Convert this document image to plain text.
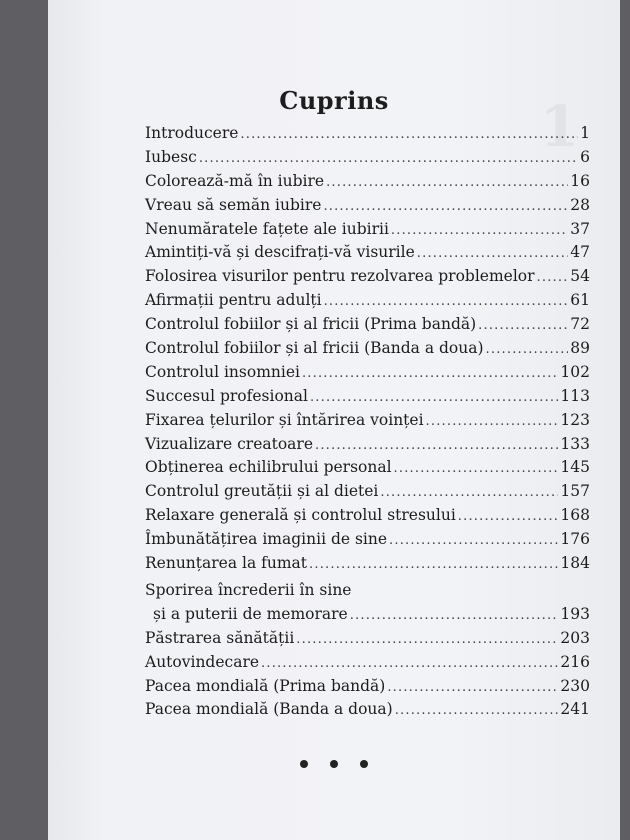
1
Cuprins
Introducere .....	1
Iubesc .....	6
Colorează-mă în iubire .....	16
Vreau să semăn iubire .....	28
Nenumăratele fațete ale iubirii .....	37
Amintiți-vă și descifrați-vă visurile .....	47
Folosirea visurilor pentru rezolvarea problemelor ..... 54
Afirmații pentru adulți .....	61
Controlul fobiilor și al fricii (Prima bandă) .....	72
Controlul fobiilor și al fricii (Banda a doua) .....	89
Controlul insomniei .....	102
Succesul profesional .....	113
Fixarea țelurilor și întărirea voinței .....	123
Vizualizare creatoare .....	133
Obținerea echilibrului personal .....	145
Controlul greutății și al dietei .....	157
Relaxare generală și controlul stresului .....	168
Îmbunătățirea imaginii de sine .....	176
Renunțarea la fumat .....	184
Sporirea încrederii în sine
și a puterii de memorare .....	193
Păstrarea sănătății .....	203
Autovindecare .....	216
Pacea mondială (Prima bandă) .....	230
Pacea mondială (Banda a doua) .....	241
